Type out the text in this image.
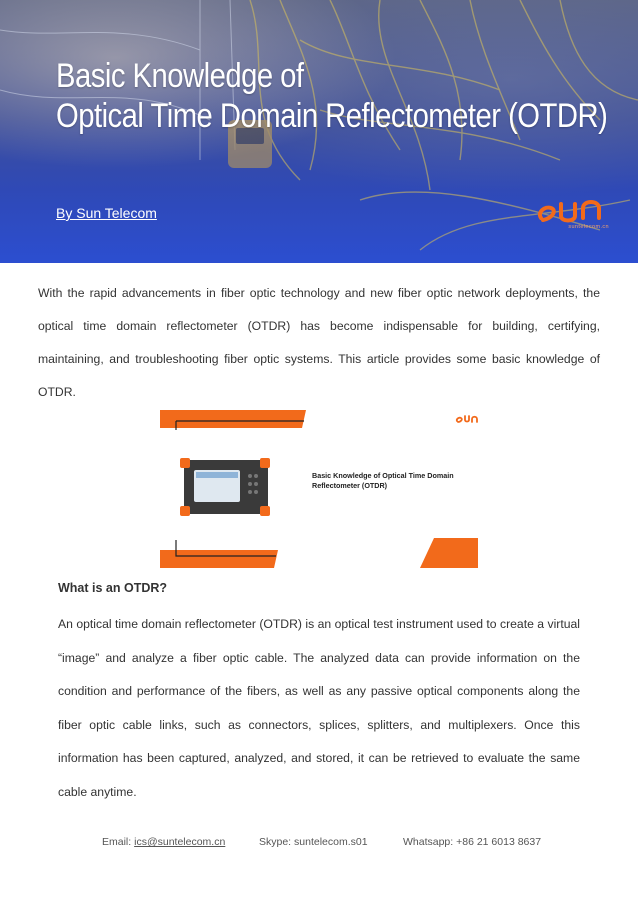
Basic Knowledge of
Optical Time Domain Reflectometer (OTDR)
By Sun Telecom
suntelecom.cn

With the rapid advancements in fiber optic technology and new fiber optic network deployments, the optical time domain reflectometer (OTDR) has become indispensable for building, certifying, maintaining, and troubleshooting fiber optic systems. This article provides some basic knowledge of OTDR.

Basic Knowledge of Optical Time Domain Reflectometer (OTDR)
What is an OTDR?

An optical time domain reflectometer (OTDR) is an optical test instrument used to create a virtual “image” and analyze a fiber optic cable. The analyzed data can provide information on the condition and performance of the fibers, as well as any passive optical components along the fiber optic cable links, such as connectors, splices, splitters, and multiplexers. Once this information has been captured, analyzed, and stored, it can be retrieved to evaluate the same cable anytime.

Email: ics@suntelecom.cn	Skype: suntelecom.s01	Whatsapp: +86 21 6013 8637
